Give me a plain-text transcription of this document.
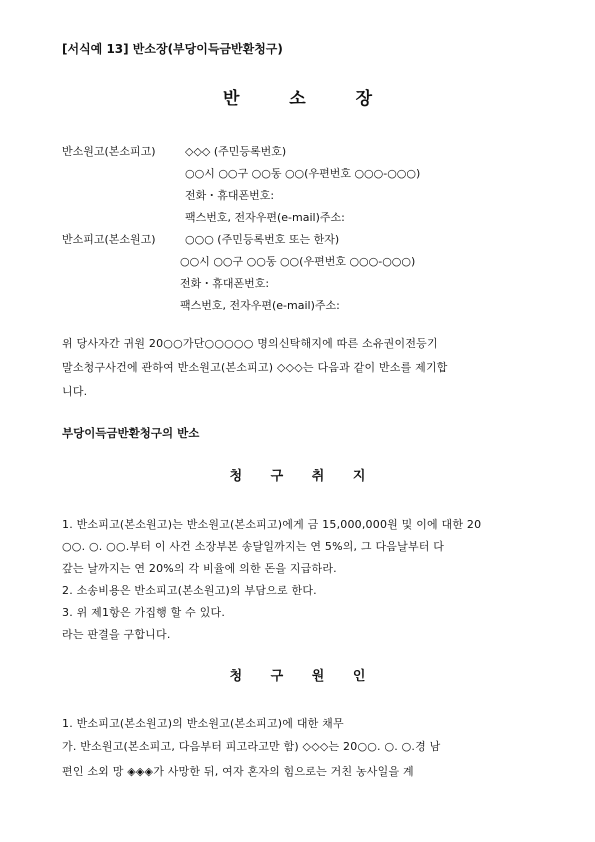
[서식예 13] 반소장(부당이득금반환청구)
반 소 장
반소원고(본소피고)	◇◇◇ (주민등록번호)
○○시 ○○구 ○○동 ○○(우편번호 ○○○-○○○)
전화・휴대폰번호:
팩스번호, 전자우편(e-mail)주소:
반소피고(본소원고)	○○○ (주민등록번호 또는 한자)
○○시 ○○구 ○○동 ○○(우편번호 ○○○-○○○)
전화・휴대폰번호:
팩스번호, 전자우편(e-mail)주소:
위 당사자간 귀원 20○○가단○○○○○ 명의신탁해지에 따른 소유권이전등기
말소청구사건에 관하여 반소원고(본소피고) ◇◇◇는 다음과 같이 반소를 제기합
니다.
부당이득금반환청구의 반소
청 구 취 지
1. 반소피고(본소원고)는 반소원고(본소피고)에게 금 15,000,000원 및 이에 대한 20
○○. ○. ○○.부터 이 사건 소장부본 송달일까지는 연 5%의, 그 다음날부터 다
갚는 날까지는 연 20%의 각 비율에 의한 돈을 지급하라.
2. 소송비용은 반소피고(본소원고)의 부담으로 한다.
3. 위 제1항은 가집행 할 수 있다.
라는 판결을 구합니다.
청 구 원 인
1. 반소피고(본소원고)의 반소원고(본소피고)에 대한 채무
가. 반소원고(본소피고, 다음부터 피고라고만 함) ◇◇◇는 20○○. ○. ○.경 남
편인 소외 망 ◈◈◈가 사망한 뒤, 여자 혼자의 힘으로는 거친 농사일을 계
